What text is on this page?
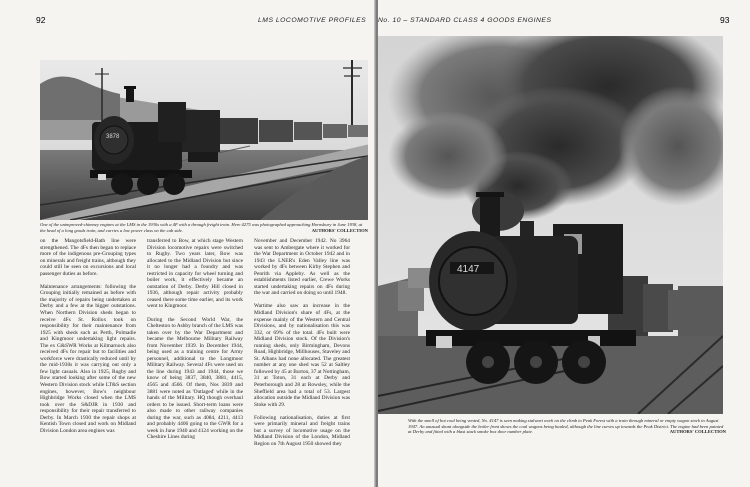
92	LMS LOCOMOTIVE PROFILES
3878
One of the unimproved-chimney engines at the LMS in the 1930s with a 4F with a through freight train. Here 4275 was photographed approaching Hornsbury in June 1938, at the head of a long goods train, and carries a low power class on the cab side.	AUTHORS' COLLECTION
on the Mangotsfield-Bath line were strengthened. The 4Fs then began to replace more of the indigenous pre-Grouping types on minerals and freight trains, although they could still be seen on excursions and local passenger duties as before.

Maintenance arrangements: following the Grouping initially remained as before with the majority of repairs being undertaken at Derby and a few at the bigger outstations. When Northern Division sheds began to receive 4Fs St. Rollox took on responsibility for their maintenance from 1925 with sheds such as Perth, Polmadie and Kingmoor undertaking light repairs. The ex G&SWR Works at Kilmarnock also received 4Fs for repair but to facilities and workforce were drastically reduced until by the mid-1930s it was carrying out only a few light casuals. Also in 1925, Rugby and Bow started looking after some of the new Western Division stock while LT&S section engines, however, Bow's neighbour Highbridge Works closed when the LMS took over the S&DJR in 1930 and responsibility for their repair transferred to Derby. In March 1930 the repair shops at Kentish Town closed and work on Midland Division London area engines was
transferred to Bow, at which stage Western Division locomotive repairs were switched to Rugby. Two years later, Bow was allocated to the Midland Division but since it no longer had a foundry and was restricted in capacity for wheel turning and boiler work, it effectively became an outstation of Derby. Derby Hill closed in 1936, although repair activity probably ceased there some time earlier, and its work went to Kingmoor.

During the Second World War, the Chelteston to Ashby branch of the LMS was taken over by the War Department and became the Melbourne Military Railway from November 1939. In December 1944, being used as a training centre for Army personnel, additional to the Longmoor Military Railway. Several 4Fs were used on the line during 1943 and 1944, those we know of being 3837, 3840, 3881, 4415, 4565 and 4566. Of them, Nos 3839 and 3881 were noted as 'Outlaged' while in the hands of the Military. HQ though overhaul orders to be issued. Short-term loans were also made to other railway companies during the war, such as 4084, 4211, 4413 and probably 4406 going to the GWR for a week in June 1940 and 4124 working on the Cheshire Lines during
November and December 1942. No 3964 was sent to Ambergate where it worked for the War Department in October 1942 and in 1943 the LNER's Eden Valley line was worked by 4Fs between Kirby Stephen and Penrith via Appleby. As well as the establishments listed earlier, Crewe Works started undertaking repairs on 4Fs during the war and carried on doing so until 1948.

Wartime also saw an increase in the Midland Division's share of 4Fs, at the expense mainly of the Western and Central Divisions, and by nationalisation this was 332, or 69% of the total. 4Fs built were Midland Division stock. Of the Division's running sheds, only Birmingham, Devons Road, Highbridge, Millhouses, Staveley and St. Albans had none allocated. The greatest number at any one shed was 52 at Saltley followed by 45 at Burton, 37 at Nottingham, 31 at Toton, 31 each at Derby and Peterborough and 28 at Rowsley, while the Sheffield area had a total of 53. Largest allocation outside the Midland Division was Stoke with 29.

Following nationalisation, duties at first were primarily mineral and freight trains but a survey of locomotive usage on the Midland Division of the London, Midland Region on 7th August 1950 showed they
No. 10 – STANDARD CLASS 4 GOODS ENGINES	93
4147
With the smell of hot coal being vented, No. 4147 is seen making stalwart work on the climb to Peak Forest with a train through mineral or empty wagon stock in August 1947. An unusual shunt alongside the boiler front shows the coal wagons being hauled, although the line curves up towards the Peak District. The engine had been painted at Derby and fitted with a blast stack smoke box door number plate.	AUTHORS' COLLECTION
